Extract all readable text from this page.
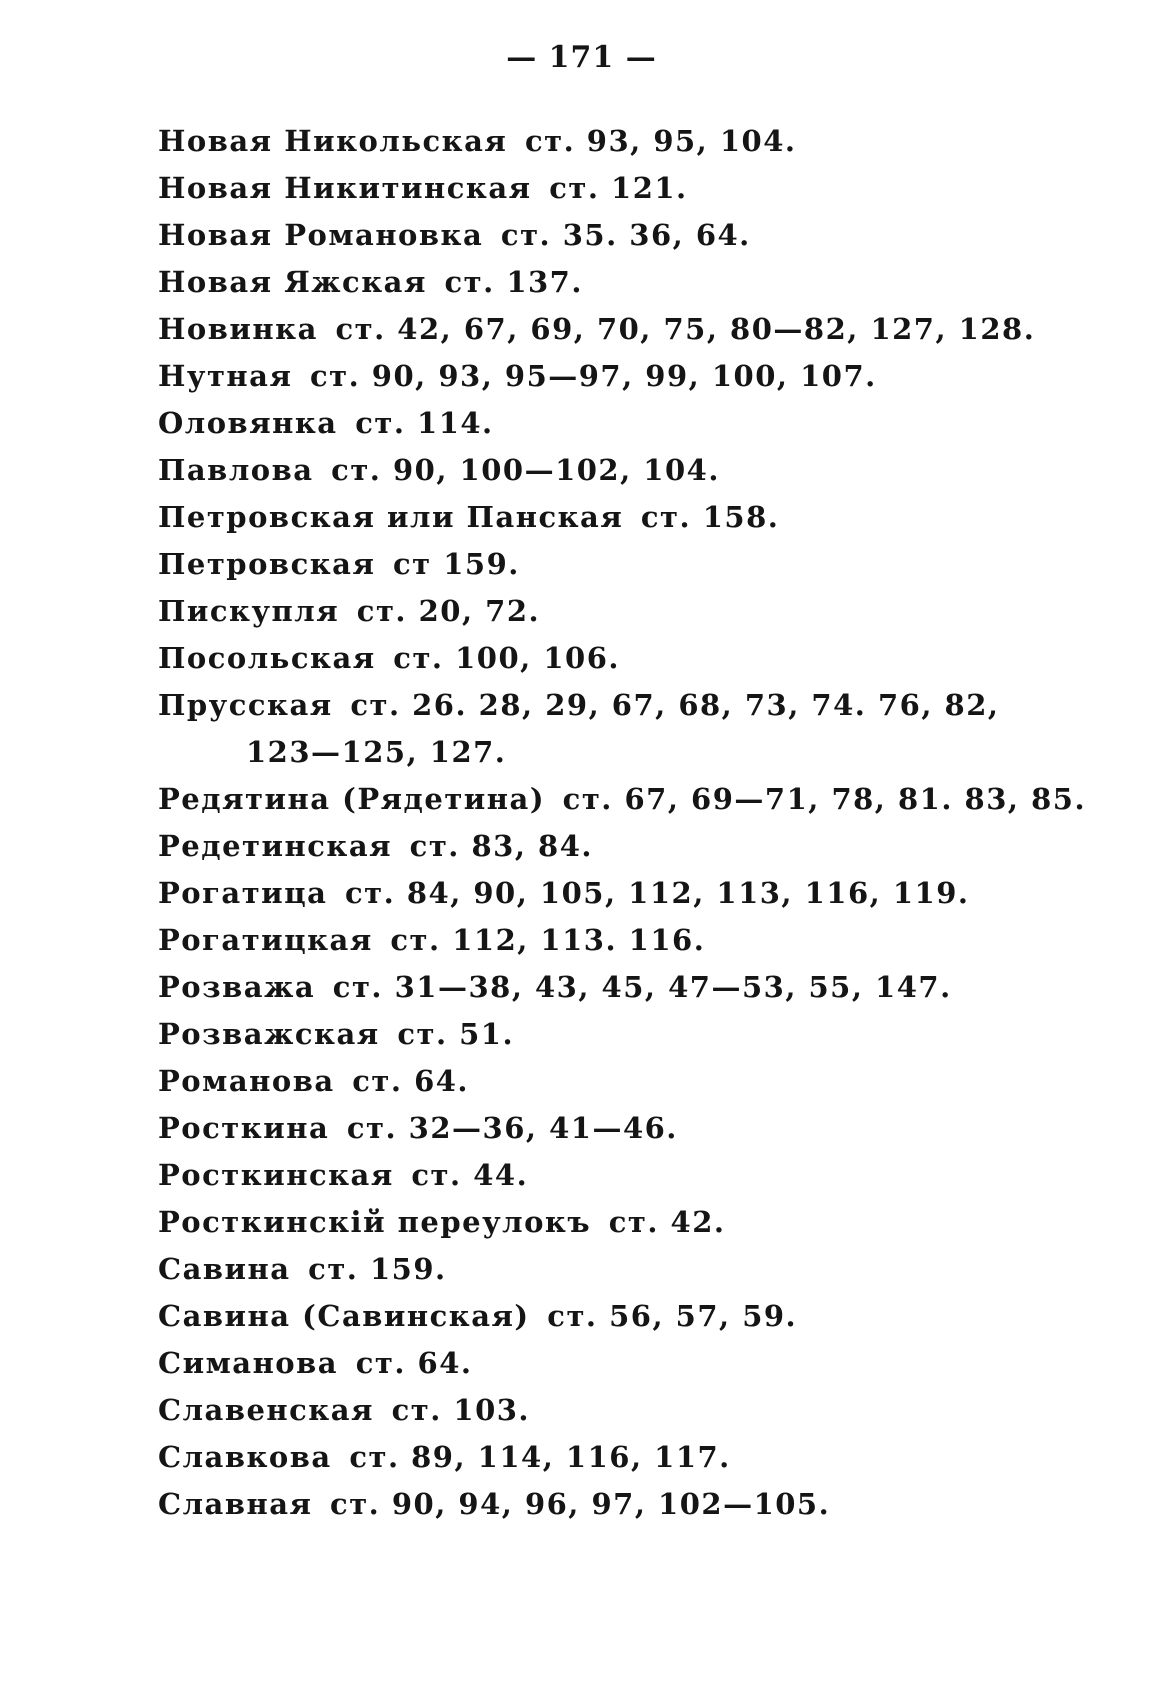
— 171 —
Новая Никольская ст. 93, 95, 104.
Новая Никитинская ст. 121.
Новая Романовка ст. 35. 36, 64.
Новая Яжская ст. 137.
Новинка ст. 42, 67, 69, 70, 75, 80—82, 127, 128.
Нутная ст. 90, 93, 95—97, 99, 100, 107.
Оловянка ст. 114.
Павлова ст. 90, 100—102, 104.
Петровская или Панская ст. 158.
Петровская ст 159.
Пискупля ст. 20, 72.
Посольская ст. 100, 106.
Прусская ст. 26. 28, 29, 67, 68, 73, 74. 76, 82,
123—125, 127.
Редятина (Рядетина) ст. 67, 69—71, 78, 81. 83, 85.
Редетинская ст. 83, 84.
Рогатица ст. 84, 90, 105, 112, 113, 116, 119.
Рогатицкая ст. 112, 113. 116.
Розважа ст. 31—38, 43, 45, 47—53, 55, 147.
Розважская ст. 51.
Романова ст. 64.
Росткина ст. 32—36, 41—46.
Росткинская ст. 44.
Росткинскiй переулокъ ст. 42.
Савина ст. 159.
Савина (Савинская) ст. 56, 57, 59.
Симанова ст. 64.
Славенская ст. 103.
Славкова ст. 89, 114, 116, 117.
Славная ст. 90, 94, 96, 97, 102—105.
